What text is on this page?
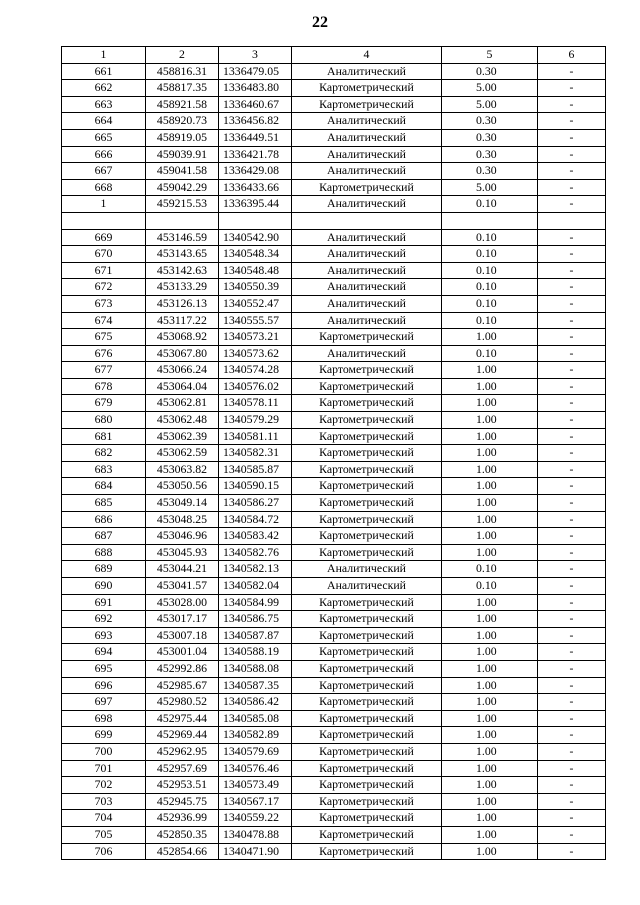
22
1	2	3	4	5	6
661	458816.31	1336479.05	Аналитический	0.30	-
662	458817.35	1336483.80	Картометрический	5.00	-
663	458921.58	1336460.67	Картометрический	5.00	-
664	458920.73	1336456.82	Аналитический	0.30	-
665	458919.05	1336449.51	Аналитический	0.30	-
666	459039.91	1336421.78	Аналитический	0.30	-
667	459041.58	1336429.08	Аналитический	0.30	-
668	459042.29	1336433.66	Картометрический	5.00	-
1	459215.53	1336395.44	Аналитический	0.10	-

669	453146.59	1340542.90	Аналитический	0.10	-
670	453143.65	1340548.34	Аналитический	0.10	-
671	453142.63	1340548.48	Аналитический	0.10	-
672	453133.29	1340550.39	Аналитический	0.10	-
673	453126.13	1340552.47	Аналитический	0.10	-
674	453117.22	1340555.57	Аналитический	0.10	-
675	453068.92	1340573.21	Картометрический	1.00	-
676	453067.80	1340573.62	Аналитический	0.10	-
677	453066.24	1340574.28	Картометрический	1.00	-
678	453064.04	1340576.02	Картометрический	1.00	-
679	453062.81	1340578.11	Картометрический	1.00	-
680	453062.48	1340579.29	Картометрический	1.00	-
681	453062.39	1340581.11	Картометрический	1.00	-
682	453062.59	1340582.31	Картометрический	1.00	-
683	453063.82	1340585.87	Картометрический	1.00	-
684	453050.56	1340590.15	Картометрический	1.00	-
685	453049.14	1340586.27	Картометрический	1.00	-
686	453048.25	1340584.72	Картометрический	1.00	-
687	453046.96	1340583.42	Картометрический	1.00	-
688	453045.93	1340582.76	Картометрический	1.00	-
689	453044.21	1340582.13	Аналитический	0.10	-
690	453041.57	1340582.04	Аналитический	0.10	-
691	453028.00	1340584.99	Картометрический	1.00	-
692	453017.17	1340586.75	Картометрический	1.00	-
693	453007.18	1340587.87	Картометрический	1.00	-
694	453001.04	1340588.19	Картометрический	1.00	-
695	452992.86	1340588.08	Картометрический	1.00	-
696	452985.67	1340587.35	Картометрический	1.00	-
697	452980.52	1340586.42	Картометрический	1.00	-
698	452975.44	1340585.08	Картометрический	1.00	-
699	452969.44	1340582.89	Картометрический	1.00	-
700	452962.95	1340579.69	Картометрический	1.00	-
701	452957.69	1340576.46	Картометрический	1.00	-
702	452953.51	1340573.49	Картометрический	1.00	-
703	452945.75	1340567.17	Картометрический	1.00	-
704	452936.99	1340559.22	Картометрический	1.00	-
705	452850.35	1340478.88	Картометрический	1.00	-
706	452854.66	1340471.90	Картометрический	1.00	-
